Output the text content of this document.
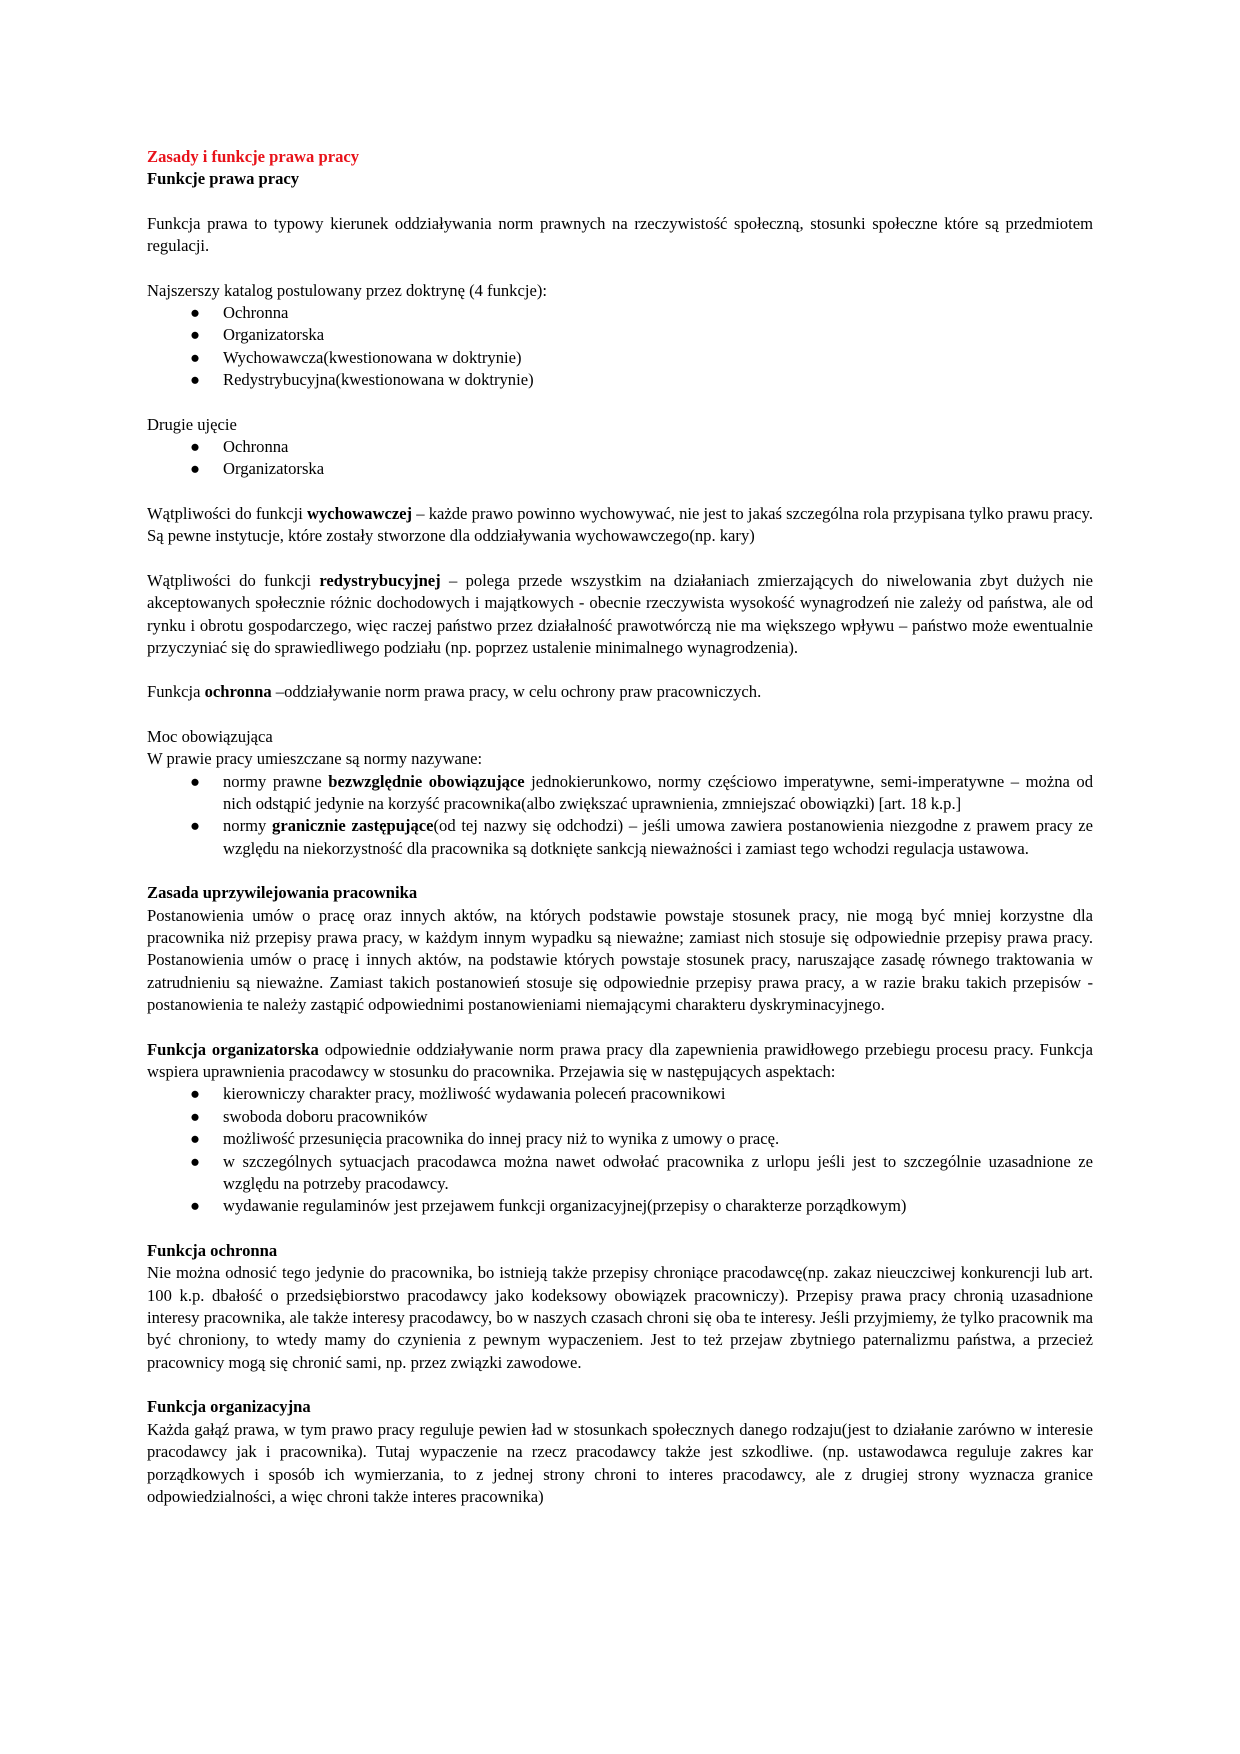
Zasady i funkcje prawa pracy

Funkcje prawa pracy

Funkcja prawa to typowy kierunek oddziaływania norm prawnych na rzeczywistość społeczną, stosunki społeczne które są przedmiotem regulacji.

Najszerszy katalog postulowany przez doktrynę (4 funkcje):

●	Ochronna
●	Organizatorska
●	Wychowawcza(kwestionowana w doktrynie)
●	Redystrybucyjna(kwestionowana w doktrynie)

Drugie ujęcie

●	Ochronna
●	Organizatorska

Wątpliwości do funkcji wychowawczej – każde prawo powinno wychowywać, nie jest to jakaś szczególna rola przypisana tylko prawu pracy. Są pewne instytucje, które zostały stworzone dla oddziaływania wychowawczego(np. kary)

Wątpliwości do funkcji redystrybucyjnej – polega przede wszystkim na działaniach zmierzających do niwelowania zbyt dużych nie akceptowanych społecznie różnic dochodowych i majątkowych - obecnie rzeczywista wysokość wynagrodzeń nie zależy od państwa, ale od rynku i obrotu gospodarczego, więc raczej państwo przez działalność prawotwórczą nie ma większego wpływu – państwo może ewentualnie przyczyniać się do sprawiedliwego podziału (np. poprzez ustalenie minimalnego wynagrodzenia).

Funkcja ochronna –oddziaływanie norm prawa pracy, w celu ochrony praw pracowniczych.

Moc obowiązująca

W prawie pracy umieszczane są normy nazywane:

●	normy prawne bezwzględnie obowiązujące jednokierunkowo, normy częściowo imperatywne, semi-imperatywne – można od nich odstąpić jedynie na korzyść pracownika(albo zwiększać uprawnienia, zmniejszać obowiązki) [art. 18 k.p.]
●	normy granicznie zastępujące(od tej nazwy się odchodzi) – jeśli umowa zawiera postanowienia niezgodne z prawem pracy ze względu na niekorzystność dla pracownika są dotknięte sankcją nieważności i zamiast tego wchodzi regulacja ustawowa.

Zasada uprzywilejowania pracownika

Postanowienia umów o pracę oraz innych aktów, na których podstawie powstaje stosunek pracy, nie mogą być mniej korzystne dla pracownika niż przepisy prawa pracy, w każdym innym wypadku są nieważne; zamiast nich stosuje się odpowiednie przepisy prawa pracy. Postanowienia umów o pracę i innych aktów, na podstawie których powstaje stosunek pracy, naruszające zasadę równego traktowania w zatrudnieniu są nieważne. Zamiast takich postanowień stosuje się odpowiednie przepisy prawa pracy, a w razie braku takich przepisów - postanowienia te należy zastąpić odpowiednimi postanowieniami niemającymi charakteru dyskryminacyjnego.

Funkcja organizatorska odpowiednie oddziaływanie norm prawa pracy dla zapewnienia prawidłowego przebiegu procesu pracy. Funkcja wspiera uprawnienia pracodawcy w stosunku do pracownika. Przejawia się w następujących aspektach:

●	kierowniczy charakter pracy, możliwość wydawania poleceń pracownikowi
●	swoboda doboru pracowników
●	możliwość przesunięcia pracownika do innej pracy niż to wynika z umowy o pracę.
●	w szczególnych sytuacjach pracodawca można nawet odwołać pracownika z urlopu jeśli jest to szczególnie uzasadnione ze względu na potrzeby pracodawcy.
●	wydawanie regulaminów jest przejawem funkcji organizacyjnej(przepisy o charakterze porządkowym)

Funkcja ochronna

Nie można odnosić tego jedynie do pracownika, bo istnieją także przepisy chroniące pracodawcę(np. zakaz nieuczciwej konkurencji lub art. 100 k.p. dbałość o przedsiębiorstwo pracodawcy jako kodeksowy obowiązek pracowniczy). Przepisy prawa pracy chronią uzasadnione interesy pracownika, ale także interesy pracodawcy, bo w naszych czasach chroni się oba te interesy. Jeśli przyjmiemy, że tylko pracownik ma być chroniony, to wtedy mamy do czynienia z pewnym wypaczeniem. Jest to też przejaw zbytniego paternalizmu państwa, a przecież pracownicy mogą się chronić sami, np. przez związki zawodowe.

Funkcja organizacyjna

Każda gałąź prawa, w tym prawo pracy reguluje pewien ład w stosunkach społecznych danego rodzaju(jest to działanie zarówno w interesie pracodawcy jak i pracownika). Tutaj wypaczenie na rzecz pracodawcy także jest szkodliwe. (np. ustawodawca reguluje zakres kar porządkowych i sposób ich wymierzania, to z jednej strony chroni to interes pracodawcy, ale z drugiej strony wyznacza granice odpowiedzialności, a więc chroni także interes pracownika)
